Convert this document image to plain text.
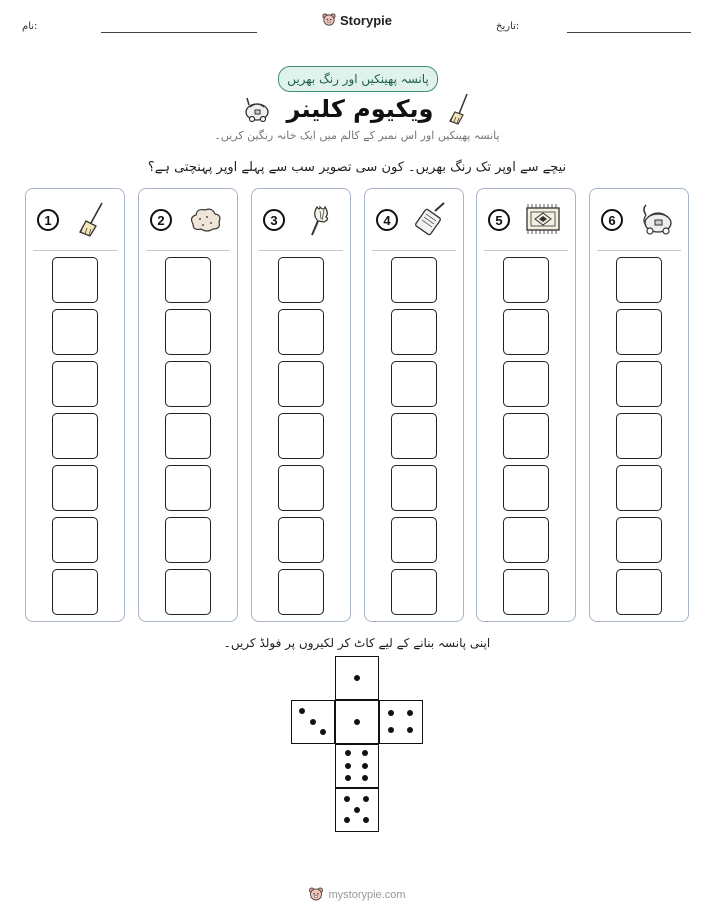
نام:	تاریخ:
Storypie
پانسہ پھینکیں اور رنگ بھریں
ویکیوم کلینر
پانسہ پھینکیں اور اس نمبر کے کالم میں ایک خانہ رنگین کریں۔
نیچے سے اوپر تک رنگ بھریں۔ کون سی تصویر سب سے پہلے اوپر پہنچتی ہے؟
1	2	3	4	5	6
اپنی پانسہ بنانے کے لیے کاٹ کر لکیروں پر فولڈ کریں۔
mystorypie.com
